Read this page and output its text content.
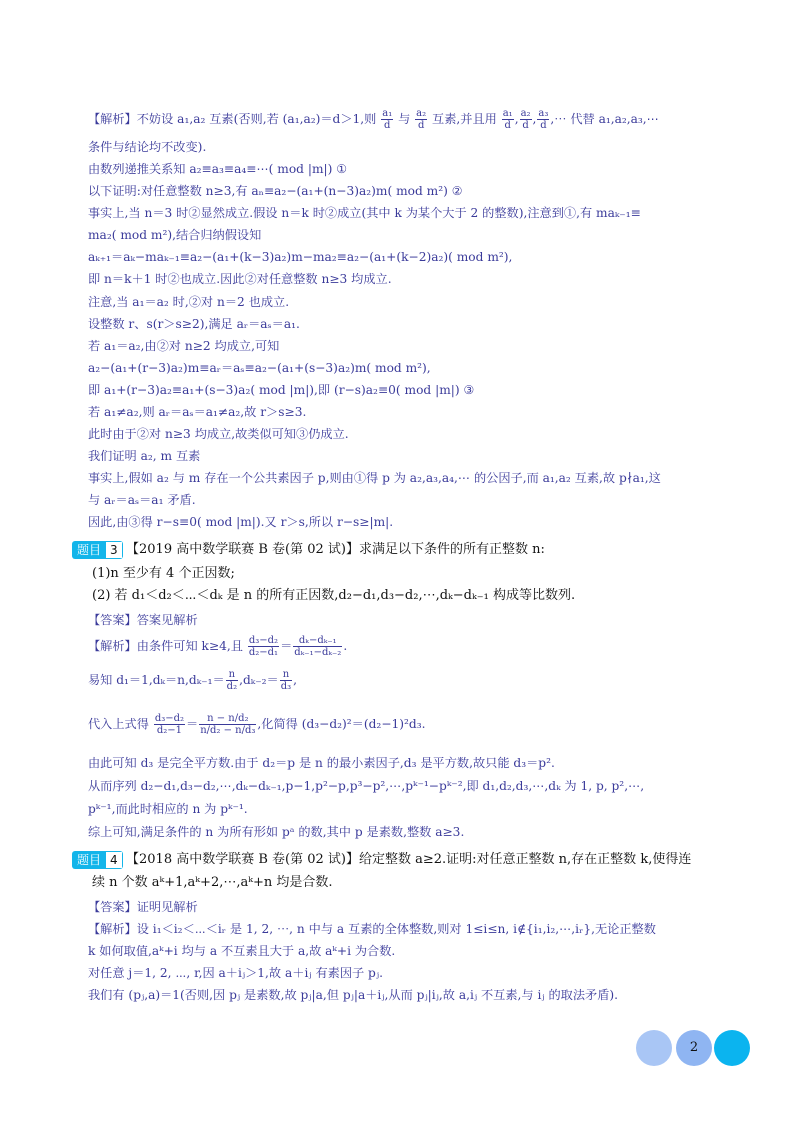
【解析】不妨设 a₁,a₂ 互素(否则,若 (a₁,a₂)＝d＞1,则 $\frac{\text{a₁}}{d}$ 与 $\frac{\text{a₂}}{d}$ 互素,并且用 $\frac{\text{a₁}}{d}$ , $\frac{\text{a₂}}{d}$ , $\frac{\text{a₃}}{d}$ ,⋯ 代替 a₁,a₂,a₃,⋯
条件与结论均不改变).
由数列递推关系知 a₂≡a₃≡a₄≡⋯( mod |m|) ①
以下证明:对任意整数 n≥3,有 aₙ≡a₂−(a₁+(n−3)a₂)m( mod m²) ②
事实上,当 n＝3 时②显然成立.假设 n＝k 时②成立(其中 k 为某个大于 2 的整数),注意到①,有 maₖ₋₁≡
ma₂( mod m²),结合归纳假设知
aₖ₊₁＝aₖ−maₖ₋₁≡a₂−(a₁+(k−3)a₂)m−ma₂≡a₂−(a₁+(k−2)a₂)( mod m²),
即 n＝k＋1 时②也成立.因此②对任意整数 n≥3 均成立.
注意,当 a₁＝a₂ 时,②对 n＝2 也成立.
设整数 r、s(r＞s≥2),满足 aᵣ＝aₛ＝a₁.
若 a₁＝a₂,由②对 n≥2 均成立,可知
a₂−(a₁+(r−3)a₂)m≡aᵣ＝aₛ≡a₂−(a₁+(s−3)a₂)m( mod m²),
即 a₁+(r−3)a₂≡a₁+(s−3)a₂( mod |m|),即 (r−s)a₂≡0( mod |m|) ③
若 a₁≠a₂,则 aᵣ＝aₛ＝a₁≠a₂,故 r＞s≥3.
此时由于②对 n≥3 均成立,故类似可知③仍成立.
我们证明 a₂, m 互素
事实上,假如 a₂ 与 m 存在一个公共素因子 p,则由①得 p 为 a₂,a₃,a₄,⋯ 的公因子,而 a₁,a₂ 互素,故 p∤a₁,这
与 aᵣ＝aₛ＝a₁ 矛盾.
因此,由③得 r−s≡0( mod |m|).又 r＞s,所以 r−s≥|m|.
题目 3 【2019 高中数学联赛 B 卷(第 02 试)】求满足以下条件的所有正整数 n:
(1)n 至少有 4 个正因数;
(2) 若 d₁＜d₂＜⋯＜dₖ 是 n 的所有正因数,d₂−d₁,d₃−d₂,⋯,dₖ−dₖ₋₁ 构成等比数列.
【答案】答案见解析
【解析】由条件可知 k≥4,且 $\frac{\text{d₃−d₂}}{\text{d₂−d₁}} = \frac{\text{dₖ−dₖ₋₁}}{\text{dₖ₋₁−dₖ₋₂}}$ .
易知 $d_1=1,d_k=n,d_{k-1}= \frac{n}{\text{d₂}} ,d_{k-2}= \frac{n}{\text{d₃}}$ ,
代入上式得 $\frac{\text{d₃−d₂}}{\text{d₂−1}} = \frac{\text{n − n/d₂}}{\text{n/d₂ − n/d₃}}$ ,化简得 (d₃−d₂)²＝(d₂−1)²d₃.
由此可知 d₃ 是完全平方数.由于 d₂＝p 是 n 的最小素因子,d₃ 是平方数,故只能 d₃＝p².
从而序列 d₂−d₁,d₃−d₂,⋯,dₖ−dₖ₋₁,p−1,p²−p,p³−p²,⋯,pᵏ⁻¹−pᵏ⁻²,即 d₁,d₂,d₃,⋯,dₖ 为 1, p, p²,⋯,
pᵏ⁻¹,而此时相应的 n 为 pᵏ⁻¹.
综上可知,满足条件的 n 为所有形如 pᵃ 的数,其中 p 是素数,整数 a≥3.
题目 4 【2018 高中数学联赛 B 卷(第 02 试)】给定整数 a≥2.证明:对任意正整数 n,存在正整数 k,使得连
续 n 个数 aᵏ+1,aᵏ+2,⋯,aᵏ+n 均是合数.
【答案】证明见解析
【解析】设 i₁＜i₂＜⋯＜iᵣ 是 1, 2, ⋯, n 中与 a 互素的全体整数,则对 1≤i≤n, i∉{i₁,i₂,⋯,iᵣ},无论正整数
k 如何取值,aᵏ+i 均与 a 不互素且大于 a,故 aᵏ+i 为合数.
对任意 j＝1, 2, ⋯, r,因 a＋iⱼ＞1,故 a＋iⱼ 有素因子 pⱼ.
我们有 (pⱼ,a)＝1(否则,因 pⱼ 是素数,故 pⱼ|a,但 pⱼ|a＋iⱼ,从而 pⱼ|iⱼ,故 a,iⱼ 不互素,与 iⱼ 的取法矛盾).
2
